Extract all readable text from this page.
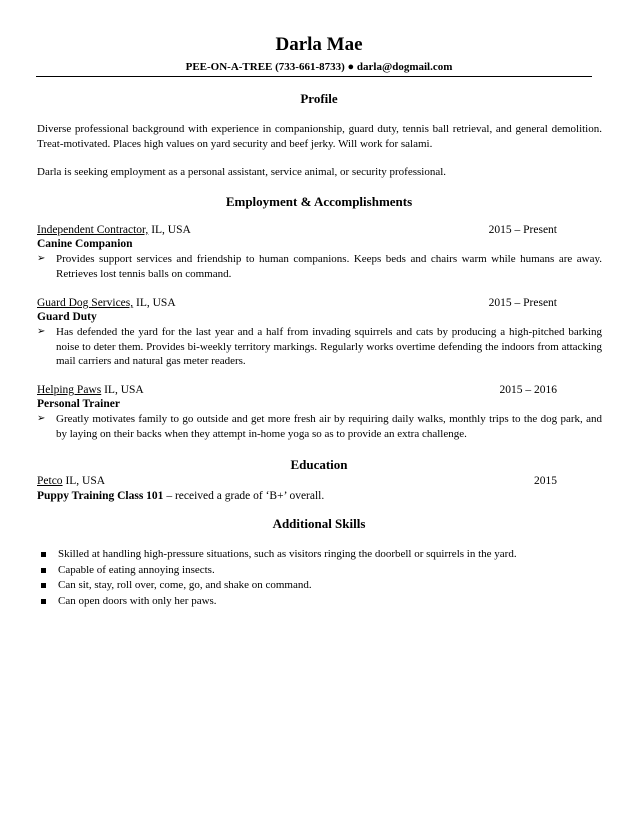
Darla Mae
PEE-ON-A-TREE (733-661-8733) ● darla@dogmail.com
Profile
Diverse professional background with experience in companionship, guard duty, tennis ball retrieval, and general demolition. Treat-motivated. Places high values on yard security and beef jerky. Will work for salami.
Darla is seeking employment as a personal assistant, service animal, or security professional.
Employment & Accomplishments
Independent Contractor, IL, USA	2015 – Present
Canine Companion
➢ Provides support services and friendship to human companions. Keeps beds and chairs warm while humans are away. Retrieves lost tennis balls on command.
Guard Dog Services, IL, USA	2015 – Present
Guard Duty
➢ Has defended the yard for the last year and a half from invading squirrels and cats by producing a high-pitched barking noise to deter them. Provides bi-weekly territory markings. Regularly works overtime defending the indoors from attacking mail carriers and natural gas meter readers.
Helping Paws IL, USA	2015 – 2016
Personal Trainer
➢ Greatly motivates family to go outside and get more fresh air by requiring daily walks, monthly trips to the dog park, and by laying on their backs when they attempt in-home yoga so as to provide an extra challenge.
Education
Petco IL, USA	2015
Puppy Training Class 101 – received a grade of ‘B+’ overall.
Additional Skills
Skilled at handling high-pressure situations, such as visitors ringing the doorbell or squirrels in the yard.
Capable of eating annoying insects.
Can sit, stay, roll over, come, go, and shake on command.
Can open doors with only her paws.
